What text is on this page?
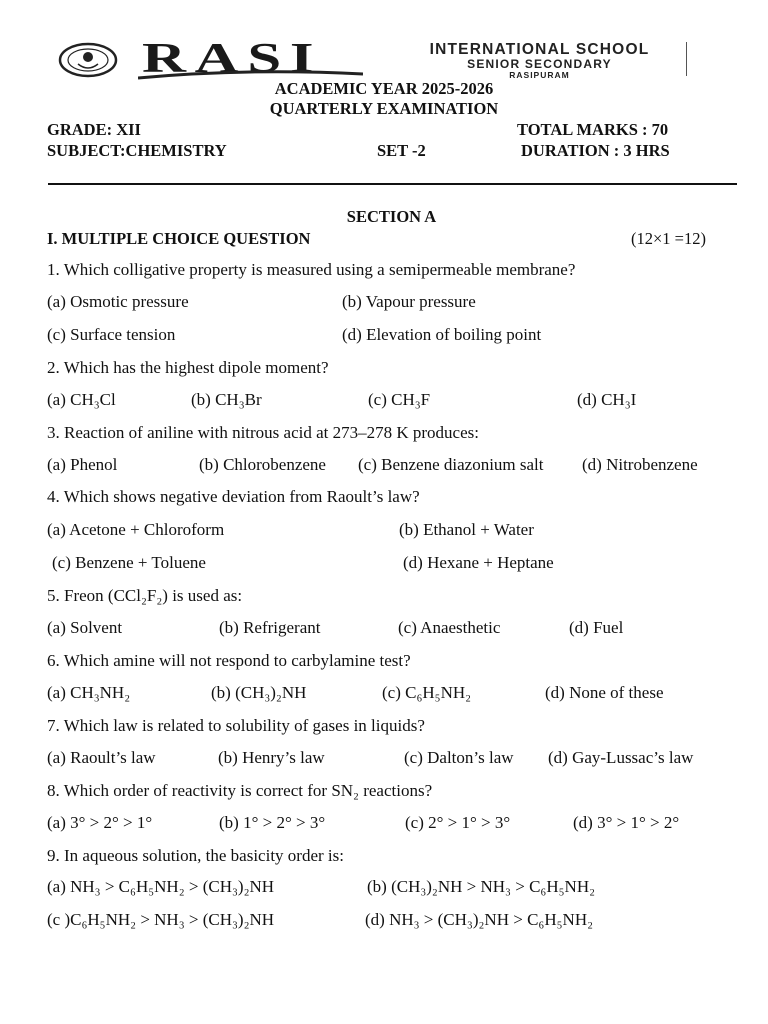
RASI	INTERNATIONAL SCHOOL
SENIOR SECONDARY
RASIPURAM
ACADEMIC YEAR 2025-2026
QUARTERLY EXAMINATION
GRADE: XII	TOTAL MARKS : 70
SUBJECT:CHEMISTRY	SET -2	DURATION : 3 HRS
SECTION A
I. MULTIPLE CHOICE QUESTION	(12×1 =12)
1. Which colligative property is measured using a semipermeable membrane?
(a) Osmotic pressure	(b) Vapour pressure
(c) Surface tension	(d) Elevation of boiling point
2. Which has the highest dipole moment?
(a) CH₃Cl	(b) CH₃Br	(c) CH₃F	(d) CH₃I
3. Reaction of aniline with nitrous acid at 273–278 K produces:
(a) Phenol	(b) Chlorobenzene (c) Benzene diazonium salt (d) Nitrobenzene
4. Which shows negative deviation from Raoult’s law?
(a) Acetone + Chloroform	(b) Ethanol + Water
(c) Benzene + Toluene	(d) Hexane + Heptane
5. Freon (CCl₂F₂) is used as:
(a) Solvent	(b) Refrigerant	(c) Anaesthetic	(d) Fuel
6. Which amine will not respond to carbylamine test?
(a) CH₃NH₂	(b) (CH₃)₂NH	(c) C₆H₅NH₂	(d) None of these
7. Which law is related to solubility of gases in liquids?
(a) Raoult’s law	(b) Henry’s law	(c) Dalton’s law (d) Gay-Lussac’s law
8. Which order of reactivity is correct for SN₂ reactions?
(a) 3° > 2° > 1°	(b) 1° > 2° > 3°	(c) 2° > 1° > 3°	(d) 3° > 1° > 2°
9. In aqueous solution, the basicity order is:
(a) NH₃ > C₆H₅NH₂ > (CH₃)₂NH	(b) (CH₃)₂NH > NH₃ > C₆H₅NH₂
(c )C₆H₅NH₂ > NH₃ > (CH₃)₂NH	(d) NH₃ > (CH₃)₂NH > C₆H₅NH₂
